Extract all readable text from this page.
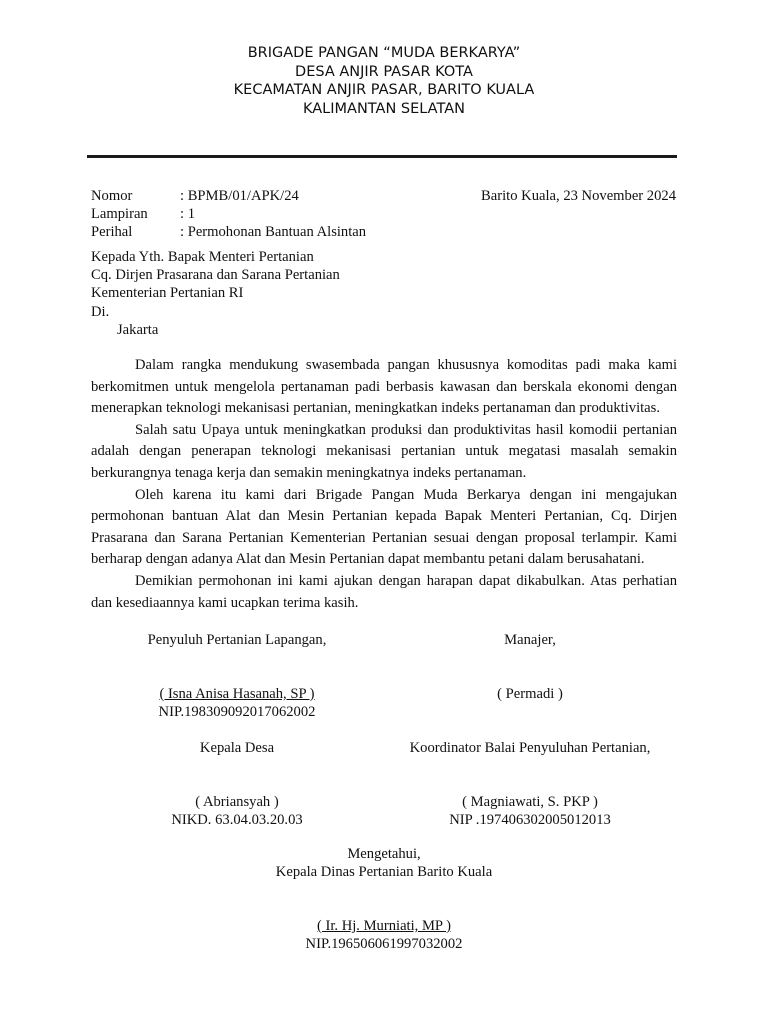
BRIGADE PANGAN “MUDA BERKARYA”
DESA ANJIR PASAR KOTA
KECAMATAN ANJIR PASAR, BARITO KUALA
KALIMANTAN SELATAN
Nomor	: BPMB/01/APK/24
Lampiran : 1
Perihal	: Permohonan Bantuan Alsintan
Barito Kuala, 23 November 2024
Kepada Yth. Bapak Menteri Pertanian
Cq. Dirjen Prasarana dan Sarana Pertanian
Kementerian Pertanian RI
Di.
Jakarta

Dalam rangka mendukung swasembada pangan khususnya komoditas padi maka kami berkomitmen untuk mengelola pertanaman padi berbasis kawasan dan berskala ekonomi dengan menerapkan teknologi mekanisasi pertanian, meningkatkan indeks pertanaman dan produktivitas.

Salah satu Upaya untuk meningkatkan produksi dan produktivitas hasil komodii pertanian adalah dengan penerapan teknologi mekanisasi pertanian untuk megatasi masalah semakin berkurangnya tenaga kerja dan semakin meningkatnya indeks pertanaman.

Oleh karena itu kami dari Brigade Pangan Muda Berkarya dengan ini mengajukan permohonan bantuan Alat dan Mesin Pertanian kepada Bapak Menteri Pertanian, Cq. Dirjen Prasarana dan Sarana Pertanian Kementerian Pertanian sesuai dengan proposal terlampir. Kami berharap dengan adanya Alat dan Mesin Pertanian dapat membantu petani dalam berusahatani.

Demikian permohonan ini kami ajukan dengan harapan dapat dikabulkan. Atas perhatian dan kesediaannya kami ucapkan terima kasih.

Penyuluh Pertanian Lapangan,
( Isna Anisa Hasanah, SP )
NIP.198309092017062002
Manajer,
( Permadi )
Kepala Desa
( Abriansyah )
NIKD. 63.04.03.20.03
Koordinator Balai Penyuluhan Pertanian,
( Magniawati, S. PKP )
NIP .197406302005012013
Mengetahui,
Kepala Dinas Pertanian Barito Kuala
( Ir. Hj. Murniati, MP )
NIP.196506061997032002
